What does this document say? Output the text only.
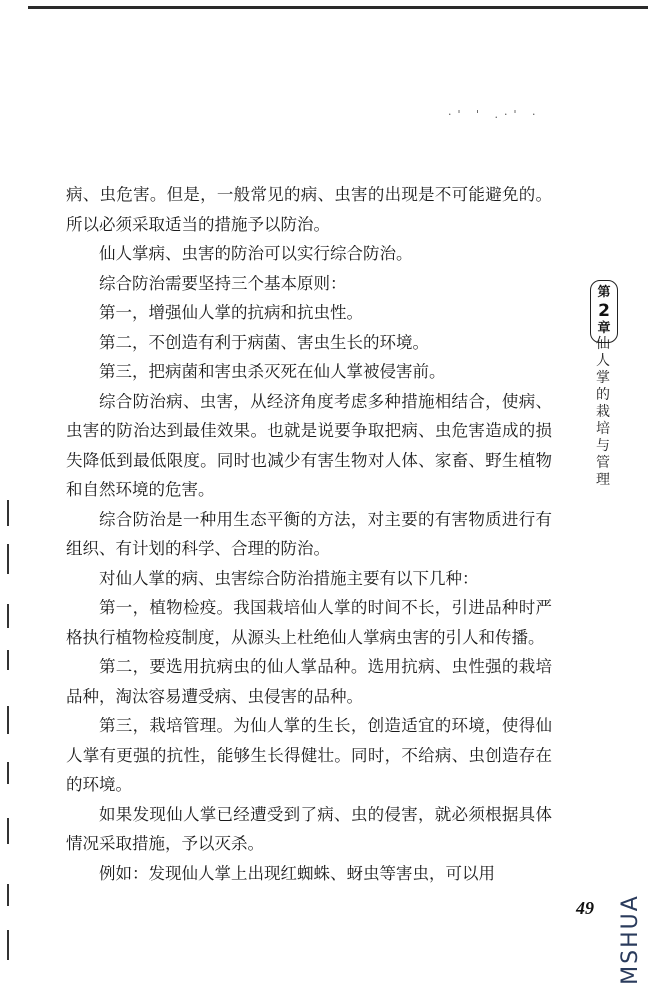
·' ' .·' ·

病、虫危害。但是，一般常见的病、虫害的出现是不可能避免的。所以必须采取适当的措施予以防治。

仙人掌病、虫害的防治可以实行综合防治。

综合防治需要坚持三个基本原则：

第一，增强仙人掌的抗病和抗虫性。

第二，不创造有利于病菌、害虫生长的环境。

第三，把病菌和害虫杀灭死在仙人掌被侵害前。

综合防治病、虫害，从经济角度考虑多种措施相结合，使病、虫害的防治达到最佳效果。也就是说要争取把病、虫危害造成的损失降低到最低限度。同时也减少有害生物对人体、家畜、野生植物和自然环境的危害。

综合防治是一种用生态平衡的方法，对主要的有害物质进行有组织、有计划的科学、合理的防治。

对仙人掌的病、虫害综合防治措施主要有以下几种：

第一，植物检疫。我国栽培仙人掌的时间不长，引进品种时严格执行植物检疫制度，从源头上杜绝仙人掌病虫害的引人和传播。

第二，要选用抗病虫的仙人掌品种。选用抗病、虫性强的栽培品种，淘汰容易遭受病、虫侵害的品种。

第三，栽培管理。为仙人掌的生长，创造适宜的环境，使得仙人掌有更强的抗性，能够生长得健壮。同时，不给病、虫创造存在的环境。

如果发现仙人掌已经遭受到了病、虫的侵害，就必须根据具体情况采取措施，予以灭杀。

例如：发现仙人掌上出现红蜘蛛、蚜虫等害虫，可以用

第
2
章
仙人掌的栽培与管理
49 MSHUA
